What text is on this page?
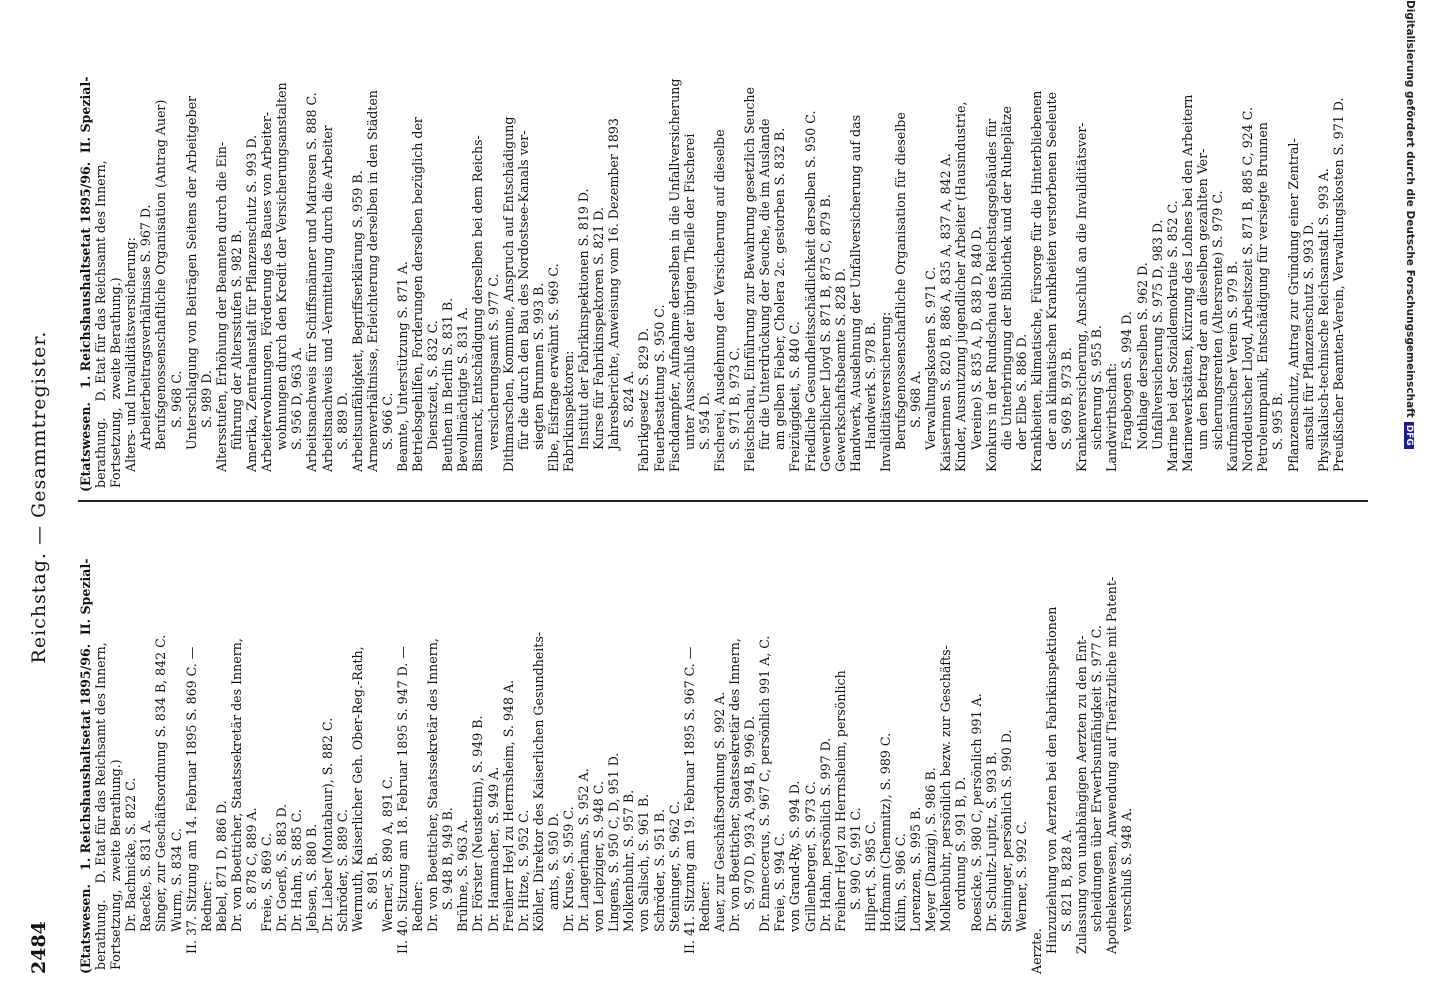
2484
Reichstag. — Gesammtregister.
(Etatswesen.   1. Reichshaushaltsetat 1895/96.  II. Spezial- berathung.    D. Etat für das Reichsamt des Innern, Fortsetzung,  zweite Berathung.) Dr. Bachnicke, S. 822 C. Raecke, S. 831 A. Singer, zur Geschäftsordnung S. 834 B, 842 C. Wurm, S. 834 C. II. 37. Sitzung am 14. Februar 1895 S. 869 C. — Redner: Bebel, 871 D, 886 D. Dr. von Boetticher, Staatssekretär des Innern, S. 878 C, 889 A. Freie, S. 869 C. Dr. Goerß, S. 883 D. Dr. Hahn, S. 885 C. Jebsen, S. 880 B. Dr. Lieber (Montabaur), S. 882 C. Schröder, S. 889 C. Wermuth, Kaiserlicher Geh. Ober-Reg.-Rath, S. 891 B. Werner, S. 890 A, 891 C. II. 40. Sitzung am 18. Februar 1895 S. 947 D. — Redner: Dr. von Boetticher, Staatssekretär des Innern, S. 948 B, 949 B. Brühne, S. 963 A. Dr. Förster (Neustettin), S. 949 B. Dr. Hammacher, S. 949 A. Freiherr Heyl zu Herrnsheim, S. 948 A. Dr. Hitze, S. 952 C. Köhler, Direktor des Kaiserlichen Gesundheits- amts, S. 950 D. Dr. Kruse, S. 959 C. Dr. Langerhans, S. 952 A. von Leipziger, S. 948 C. Lingens, S. 950 C, D, 951 D. Molkenbuhr, S. 957 B. von Salisch, S. 961 B. Schröder, S. 951 B. Steininger, S. 962 C. II. 41. Sitzung am 19. Februar 1895 S. 967 C. — Redner: Auer, zur Geschäftsordnung S. 992 A. Dr. von Boetticher, Staatssekretär des Innern, S. 970 D, 993 A, 994 B, 996 D. Dr. Enneccerus, S. 967 C, persönlich 991 A, C. Freie, S. 994 C. von Grand-Ry, S. 994 D. Grillenberger, S. 973 C. Dr. Hahn, persönlich S. 997 D. Freiherr Heyl zu Herrnsheim, persönlich S. 990 C, 991 C. Hilpert, S. 985 C. Hofmann (Chemnitz), S. 989 C. Kühn, S. 986 C. Lorenzen, S. 995 B. Meyer (Danzig), S. 986 B. Molkenbuhr, persönlich bezw. zur Geschäfts- ordnung S. 991 B, D. Roesicke, S. 980 C, persönlich 991 A. Dr. Schultz-Lupitz, S. 993 B. Steininger, persönlich S. 990 D. Werner, S. 992 C.
Aerzte. Hinzuziehung von Aerzten bei den Fabrikinspektionen S. 821 B, 828 A. Zulassung von unabhängigen Aerzten zu den Ent- scheidungen über Erwerbsunfähigkeit S. 977 C. Apothekenwesen, Anwendung auf Tierärztliche mit Patent- verschluß S. 948 A.
(Etatswesen.   1. Reichshaushaltsetat 1895/96.  II. Spezial- berathung.    D. Etat für das Reichsamt des Innern, Fortsetzung,  zweite Berathung.) Alters- und Invaliditätsversicherung: Arbeiterbeitragsverhältnisse S. 967 D. Berufsgenossenschaftliche Organisation (Antrag Auer) S. 968 C. Unterschlagung von Beiträgen Seitens der Arbeitgeber S. 989 D. Altersstufen, Erhöhung der Beamten durch die Ein- führung der Altersstufen S. 982 B. Amerika, Zentralanstalt für Pflanzenschutz S. 993 D. Arbeiterwohnungen, Förderung des Baues von Arbeiter- wohnungen durch den Kredit der Versicherungsanstalten S. 956 D, 963 A. Arbeitsnachweis für Schiffsmänner und Matrosen S. 888 C. Arbeitsnachweis und -Vermittelung durch die Arbeiter S. 889 D. Arbeitsunfähigkeit, Begriffserklärung S. 959 B. Armenverhältnisse, Erleichterung derselben in den Städten S. 966 C. Beamte, Unterstützung S. 871 A. Betriebsgehilfen, Forderungen derselben bezüglich der Dienstzeit, S. 832 C. Beuthen in Berlin S. 831 B. Bevollmächtigte S. 831 A. Bismarck, Entschädigung derselben bei dem Reichs- versicherungsamt S. 977 C. Dithmarschen, Kommune, Anspruch auf Entschädigung für die durch den Bau des Nordostsee-Kanals ver- siegten Brunnen S. 993 B. Elbe, Eisfrage erwähnt S. 969 C. Fabrikinspektoren: Institut der Fabrikinspektionen S. 819 D. Kurse für Fabrikinspektoren S. 821 D. Jahresberichte, Anweisung vom 16. Dezember 1893 S. 824 A. Fabrikgesetz S. 829 D. Feuerbestattung S. 950 C. Fischdampfer, Aufnahme derselben in die Unfallversicherung unter Ausschluß der übrigen Theile der Fischerei S. 954 D. Fischerei, Ausdehnung der Versicherung auf dieselbe S. 971 B, 973 C. Fleischschau, Einführung zur Bewahrung gesetzlich Seuche für die Unterdrückung der Seuche, die im Auslande am gelben Fieber, Cholera 2c. gestorben S. 832 B. Freizügigkeit, S. 840 C. Friedliche Gesundheitsschädlichkeit derselben S. 950 C. Gewerblicher Lloyd S. 871 B, 875 C, 879 B. Gewerkschaftsbeamte S. 828 D. Handwerk, Ausdehnung der Unfallversicherung auf das Handwerk S. 978 B. Invaliditätsversicherung: Berufsgenossenschaftliche Organisation für dieselbe S. 968 A. Verwaltungskosten S. 971 C. Kaiserinnen S. 820 B, 886 A, 835 A, 837 A, 842 A. Kinder, Ausnutzung jugendlicher Arbeiter (Hausindustrie, Vereine) S. 835 A, D, 838 D, 840 D. Konkurs in der Rundschau des Reichstagsgebäudes für die Unterbringung der Bibliothek und der Ruheplätze der Elbe S. 886 D. Krankheiten, klimatische, Fürsorge für die Hinterbliebenen der an klimatischen Krankheiten verstorbenen Seeleute S. 969 B, 973 B. Krankenversicherung, Anschluß an die Invaliditätsver- sicherung S. 955 B. Landwirthschaft: Fragebogen S. 994 D. Nothlage derselben S. 962 D. Unfallversicherung S. 975 D, 983 D. Marine bei der Sozialdemokratie S. 852 C. Marinewerkstätten, Kürzung des Lohnes bei den Arbeitern um den Betrag der an dieselben gezahlten Ver- sicherungsrenten (Altersrente) S. 979 C. Kaufmännischer Verein S. 979 B. Norddeutscher Lloyd, Arbeitszeit S. 871 B, 885 C, 924 C. Petroleumpanik, Entschädigung für versiegte Brunnen S. 995 B. Pflanzenschutz, Antrag zur Gründung einer Zentral- anstalt für Pflanzenschutz S. 993 D. Physikalisch-technische Reichsanstalt S. 993 A. Preußischer Beamten-Verein, Verwaltungskosten S. 971 D.	Digitalisierung gefördert durch die Deutsche ForschungsgemeinschaftDFG
